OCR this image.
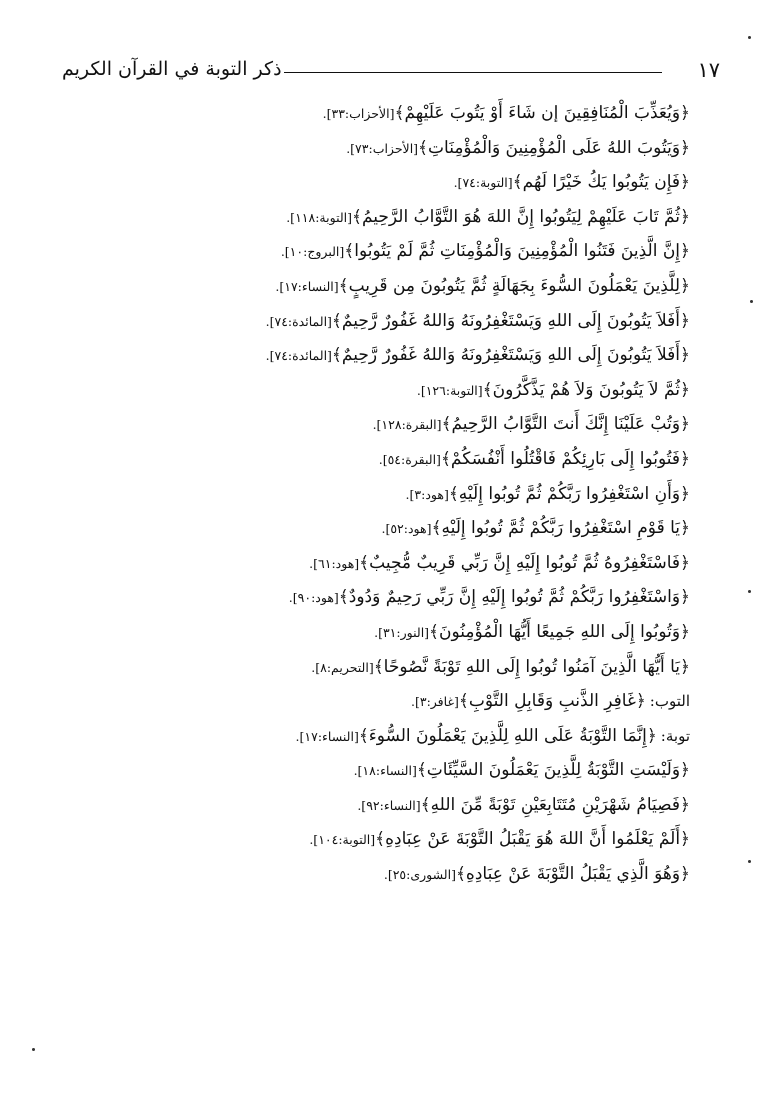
ذكر التوبة في القرآن الكريم	١٧
﴿وَيُعَذِّبَ الْمُنَافِقِينَ إن شَاءَ أَوْ يَتُوبَ عَلَيْهِمْ﴾[الأحزاب:٣٣].
﴿وَيَتُوبَ اللهُ عَلَى الْمُؤْمِنِينَ وَالْمُؤْمِنَاتِ﴾[الأحزاب:٧٣].
﴿فَإِن يَتُوبُوا يَكُ خَيْرًا لَهُم﴾[التوبة:٧٤].
﴿ثُمَّ تَابَ عَلَيْهِمْ لِيَتُوبُوا إِنَّ اللهَ هُوَ التَّوَّابُ الرَّحِيمُ﴾[التوبة:١١٨].
﴿إِنَّ الَّذِينَ فَتَنُوا الْمُؤْمِنِينَ وَالْمُؤْمِنَاتِ ثُمَّ لَمْ يَتُوبُوا﴾[البروج:١٠].
﴿لِلَّذِينَ يَعْمَلُونَ السُّوءَ بِجَهَالَةٍ ثُمَّ يَتُوبُونَ مِن قَرِيبٍ﴾[النساء:١٧].
﴿أَفَلاَ يَتُوبُونَ إِلَى اللهِ وَيَسْتَغْفِرُونَهُ وَاللهُ غَفُورٌ رَّحِيمٌ﴾[المائدة:٧٤].
﴿أَفَلاَ يَتُوبُونَ إِلَى اللهِ وَيَسْتَغْفِرُونَهُ وَاللهُ غَفُورٌ رَّحِيمٌ﴾[المائدة:٧٤].
﴿ثُمَّ لاَ يَتُوبُونَ وَلاَ هُمْ يَذَّكَّرُونَ﴾[التوبة:١٢٦].
﴿وَتُبْ عَلَيْنَا إِنَّكَ أَنتَ التَّوَّابُ الرَّحِيمُ﴾[البقرة:١٢٨].
﴿فَتُوبُوا إِلَى بَارِئِكُمْ فَاقْتُلُوا أَنْفُسَكُمْ﴾[البقرة:٥٤].
﴿وَأَنِ اسْتَغْفِرُوا رَبَّكُمْ ثُمَّ تُوبُوا إِلَيْهِ﴾[هود:٣].
﴿يَا قَوْمِ اسْتَغْفِرُوا رَبَّكُمْ ثُمَّ تُوبُوا إِلَيْهِ﴾[هود:٥٢].
﴿فَاسْتَغْفِرُوهُ ثُمَّ تُوبُوا إِلَيْهِ إِنَّ رَبِّي قَرِيبٌ مُّجِيبٌ﴾[هود:٦١].
﴿وَاسْتَغْفِرُوا رَبَّكُمْ ثُمَّ تُوبُوا إِلَيْهِ إِنَّ رَبِّي رَحِيمٌ وَدُودٌ﴾[هود:٩٠].
﴿وَتُوبُوا إِلَى اللهِ جَمِيعًا أَيُّهَا الْمُؤْمِنُونَ﴾[النور:٣١].
﴿يَا أَيُّهَا الَّذِينَ آمَنُوا تُوبُوا إِلَى اللهِ تَوْبَةً نَّصُوحًا﴾[التحريم:٨].
التوب:﴿غَافِرِ الذَّنبِ وَقَابِلِ التَّوْبِ﴾[غافر:٣].
توبة:﴿إِنَّمَا التَّوْبَةُ عَلَى اللهِ لِلَّذِينَ يَعْمَلُونَ السُّوءَ﴾[النساء:١٧].
﴿وَلَيْسَتِ التَّوْبَةُ لِلَّذِينَ يَعْمَلُونَ السَّيِّئَاتِ﴾[النساء:١٨].
﴿فَصِيَامُ شَهْرَيْنِ مُتَتَابِعَيْنِ تَوْبَةً مِّنَ اللهِ﴾[النساء:٩٢].
﴿أَلَمْ يَعْلَمُوا أَنَّ اللهَ هُوَ يَقْبَلُ التَّوْبَةَ عَنْ عِبَادِهِ﴾[التوبة:١٠٤].
﴿وَهُوَ الَّذِي يَقْبَلُ التَّوْبَةَ عَنْ عِبَادِهِ﴾[الشورى:٢٥].
